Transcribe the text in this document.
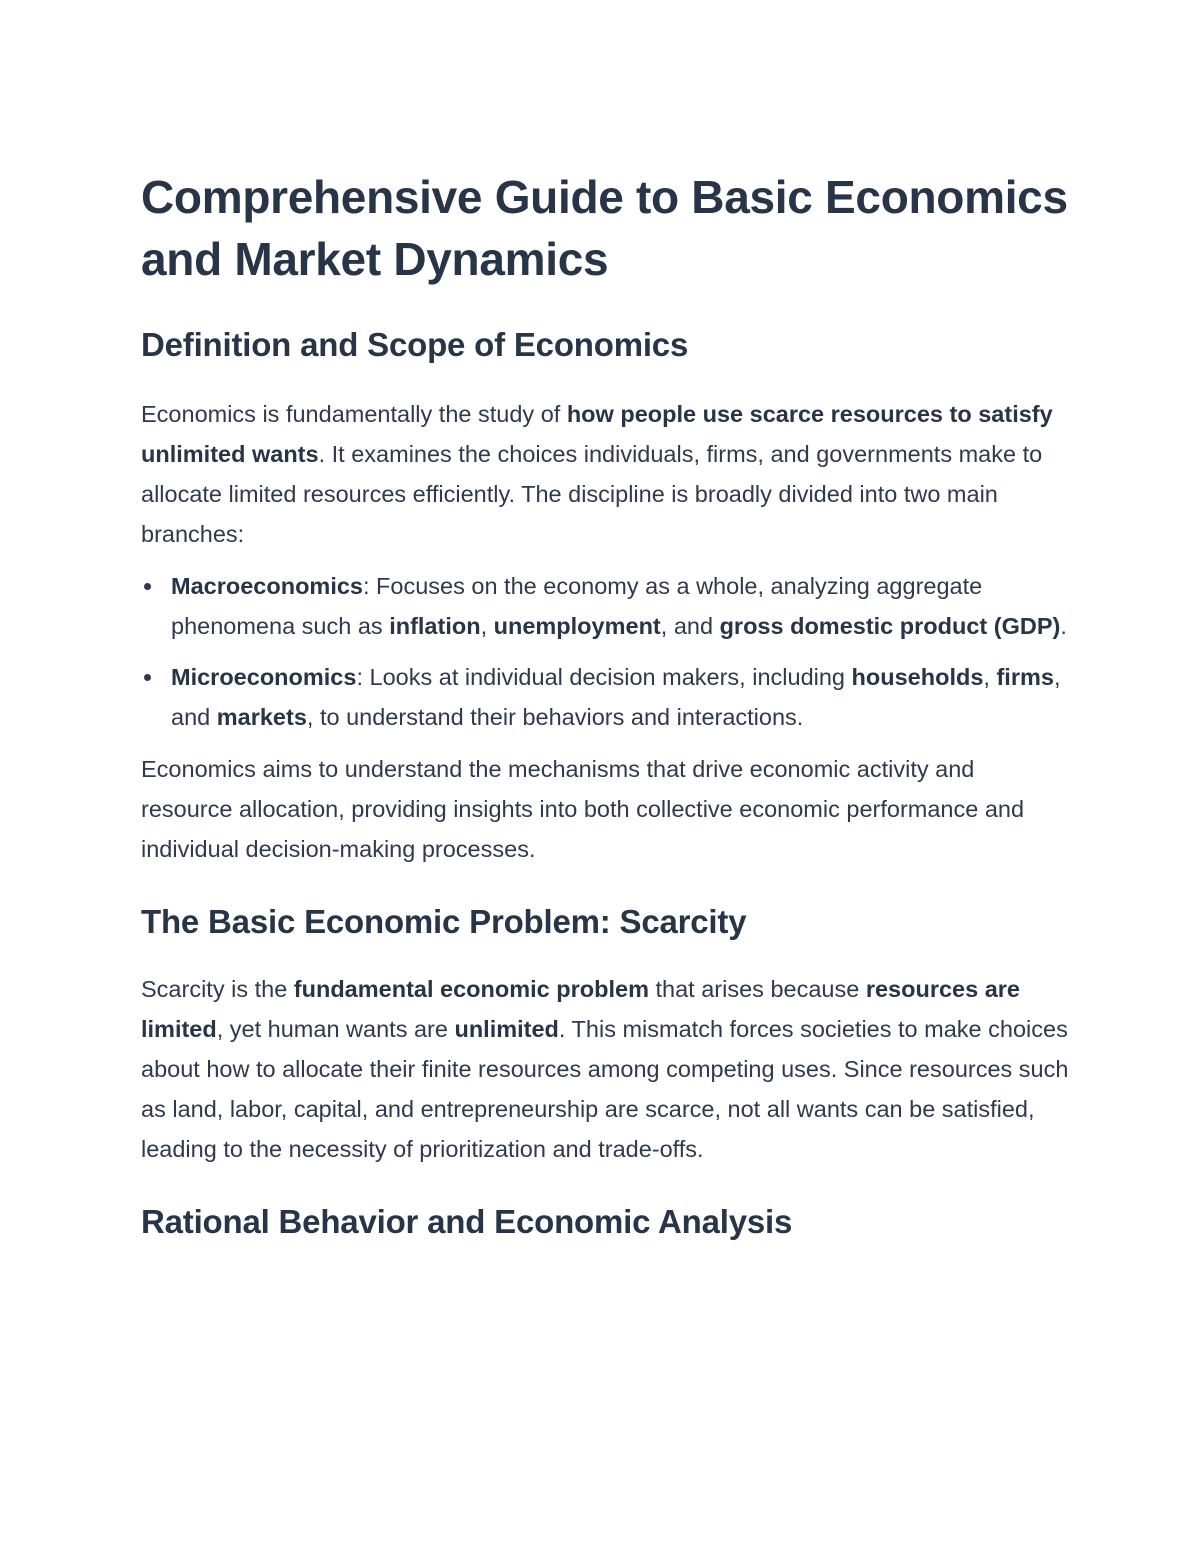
Comprehensive Guide to Basic Economics and Market Dynamics
Definition and Scope of Economics

Economics is fundamentally the study of how people use scarce resources to satisfy unlimited wants. It examines the choices individuals, firms, and governments make to allocate limited resources efficiently. The discipline is broadly divided into two main branches:

Macroeconomics: Focuses on the economy as a whole, analyzing aggregate phenomena such as inflation, unemployment, and gross domestic product (GDP).
Microeconomics: Looks at individual decision makers, including households, firms, and markets, to understand their behaviors and interactions.

Economics aims to understand the mechanisms that drive economic activity and resource allocation, providing insights into both collective economic performance and individual decision-making processes.

The Basic Economic Problem: Scarcity

Scarcity is the fundamental economic problem that arises because resources are limited, yet human wants are unlimited. This mismatch forces societies to make choices about how to allocate their finite resources among competing uses. Since resources such as land, labor, capital, and entrepreneurship are scarce, not all wants can be satisfied, leading to the necessity of prioritization and trade-offs.

Rational Behavior and Economic Analysis
